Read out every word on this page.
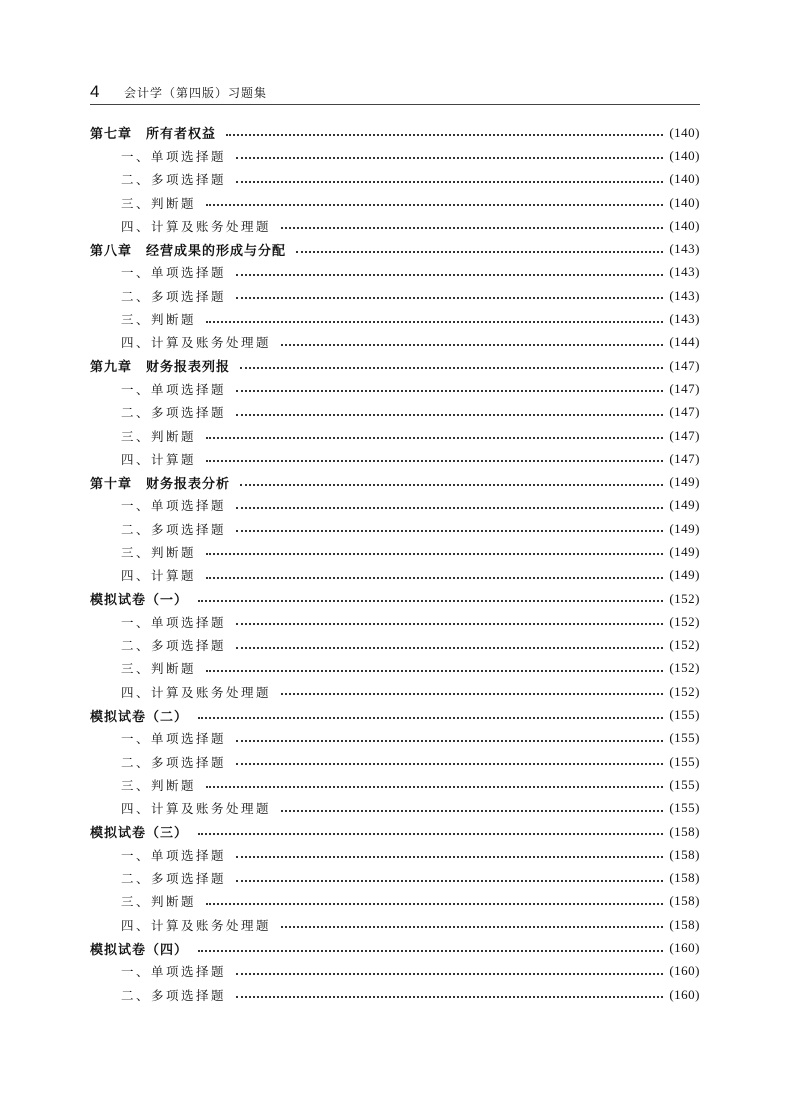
4 会计学（第四版）习题集
第七章　所有者权益	(140)
一、单项选择题	(140)
二、多项选择题	(140)
三、判断题	(140)
四、计算及账务处理题	(140)
第八章　经营成果的形成与分配	(143)
一、单项选择题	(143)
二、多项选择题	(143)
三、判断题	(143)
四、计算及账务处理题	(144)
第九章　财务报表列报	(147)
一、单项选择题	(147)
二、多项选择题	(147)
三、判断题	(147)
四、计算题	(147)
第十章　财务报表分析	(149)
一、单项选择题	(149)
二、多项选择题	(149)
三、判断题	(149)
四、计算题	(149)
模拟试卷（一）	(152)
一、单项选择题	(152)
二、多项选择题	(152)
三、判断题	(152)
四、计算及账务处理题	(152)
模拟试卷（二）	(155)
一、单项选择题	(155)
二、多项选择题	(155)
三、判断题	(155)
四、计算及账务处理题	(155)
模拟试卷（三）	(158)
一、单项选择题	(158)
二、多项选择题	(158)
三、判断题	(158)
四、计算及账务处理题	(158)
模拟试卷（四）	(160)
一、单项选择题	(160)
二、多项选择题	(160)
